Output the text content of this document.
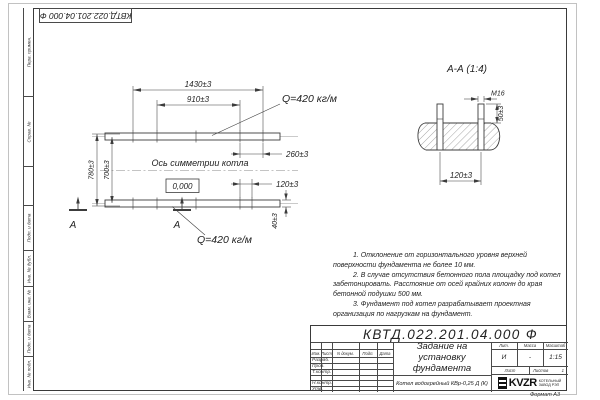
Перв. примен.
Справ. №
Подп. и дата
Инв. № дубл.
Взам. инв. №
Подп. и дата
Инв. № подл.
КВТД.022.201.04.000 Ф
1430±3
910±3
780±3 700±3
260±3
120±3
40±3
Q=420 кг/м
Q=420 кг/м
Ось симметрии котла
0,000
А	А
А-А (1:4)
М16
50±3
120±3

1. Отклонение от горизонтального уровня верхней поверхности фундамента не более 10 мм.

2. В случае отсутствия бетонного пола площадку под котел забетонировать. Расстояние от осей крайних колонн до края бетонной подушки 500 мм.

3. Фундамент под котел разрабатывает проектная организация по нагрузкам на фундамент.

КВТД.022.201.04.000 Ф
Изм. Лист	N докум.	Подп.	Дата
Разраб.
Пров.
Т.контр.
Н.контр.
Утв.
Задание на
установку
фундамента
Котел водогрейный КВр-0,25 Д (К)
Лит.	Масса	Масштаб
И	-	1:15
Лист	Листов	1
KVZR КОТЕЛЬНЫЙ
ЗАВОД РЭП
Формат А3
